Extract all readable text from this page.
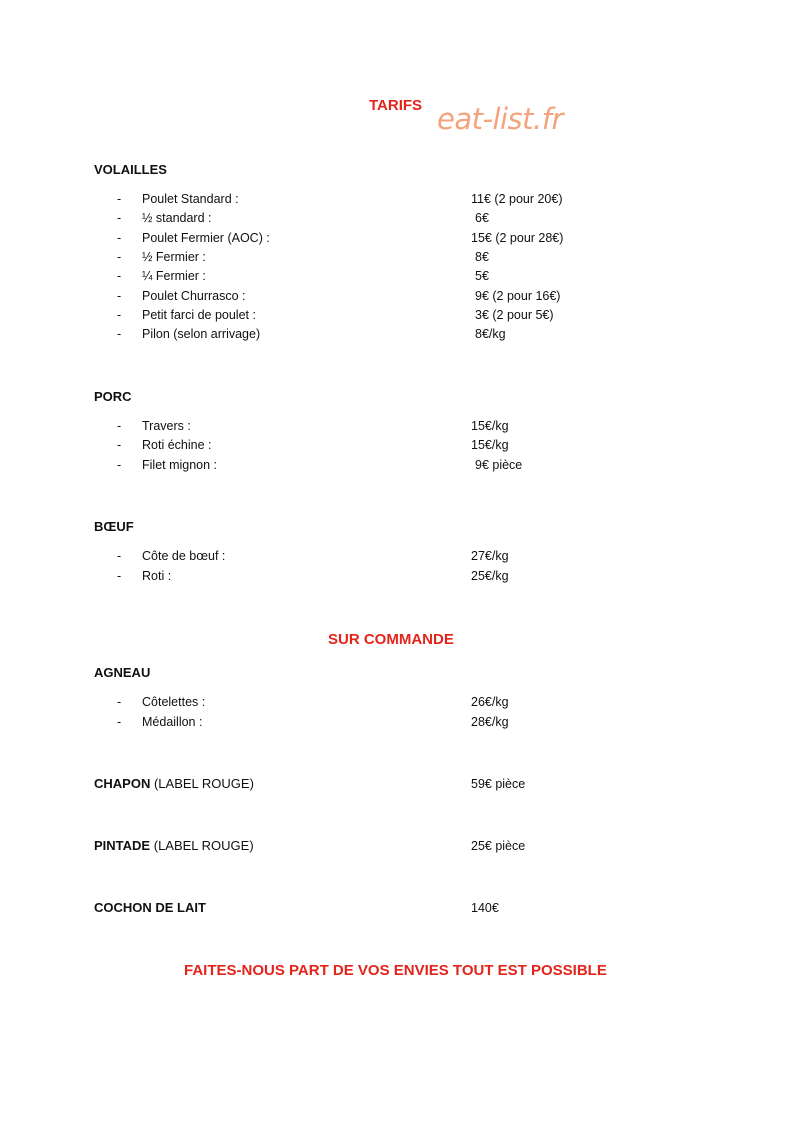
TARIFS eat-list.fr
VOLAILLES
- Poulet Standard :	11€ (2 pour 20€)
- ½ standard :	6€
- Poulet Fermier (AOC) :	15€ (2 pour 28€)
- ½ Fermier :	8€
- ¼ Fermier :	5€
- Poulet Churrasco :	9€ (2 pour 16€)
- Petit farci de poulet :	3€ (2 pour 5€)
- Pilon (selon arrivage)	8€/kg
PORC
- Travers :	15€/kg
- Roti échine :	15€/kg
- Filet mignon :	9€ pièce
BŒUF
- Côte de bœuf :	27€/kg
- Roti :	25€/kg
SUR COMMANDE
AGNEAU
- Côtelettes :	26€/kg
- Médaillon :	28€/kg
CHAPON (LABEL ROUGE)	59€ pièce
PINTADE (LABEL ROUGE)	25€ pièce
COCHON DE LAIT	140€
FAITES-NOUS PART DE VOS ENVIES TOUT EST POSSIBLE
